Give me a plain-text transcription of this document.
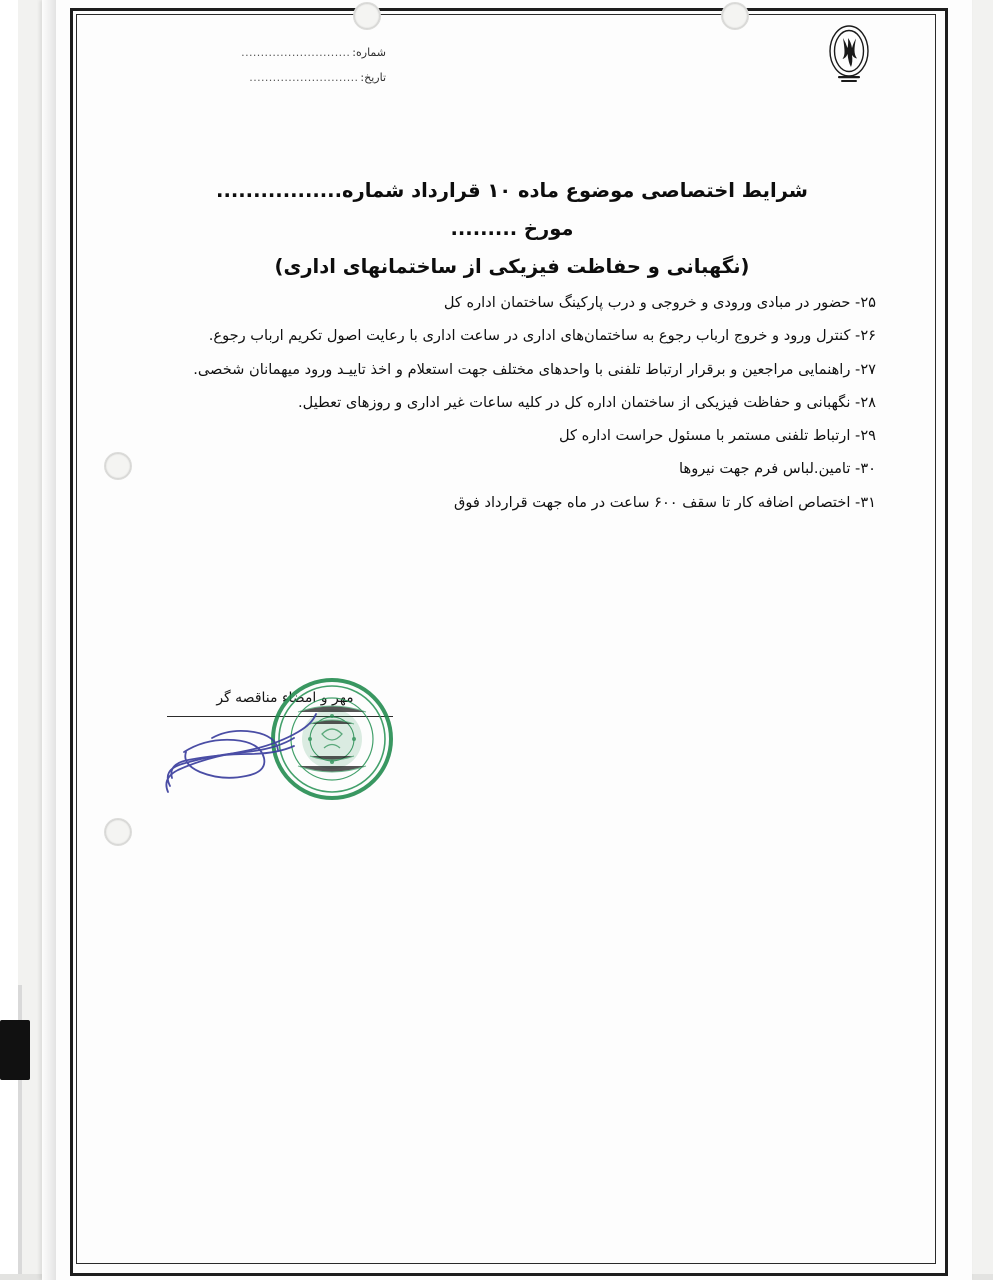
شماره:
............................
تاریخ:
............................
شرایط اختصاصی موضوع ماده ۱۰ قرارداد شماره................. مورخ .........
(نگهبانی و حفاظت فیزیکی از ساختمانهای اداری)
۲۵- حضور در مبادی ورودی و خروجی و درب پارکینگ ساختمان اداره کل
۲۶- کنترل ورود و خروج ارباب رجوع به ساختمان‌های اداری در ساعت اداری با رعایت اصول تکریم ارباب رجوع.
۲۷- راهنمایی مراجعین و برقرار ارتباط تلفنی با واحدهای مختلف جهت استعلام و اخذ تاییـد ورود میهمانان شخصی.
۲۸- نگهبانی و حفاظت فیزیکی از ساختمان اداره کل در کلیه ساعات غیر اداری و روزهای تعطیل.
۲۹- ارتباط تلفنی مستمر با مسئول حراست اداره کل
۳۰- تامین.لباس فرم جهت نیروها
۳۱- اختصاص اضافه کار تا سقف ۶۰۰ ساعت در ماه جهت قرارداد فوق
مهر و امضاء مناقصه گر
